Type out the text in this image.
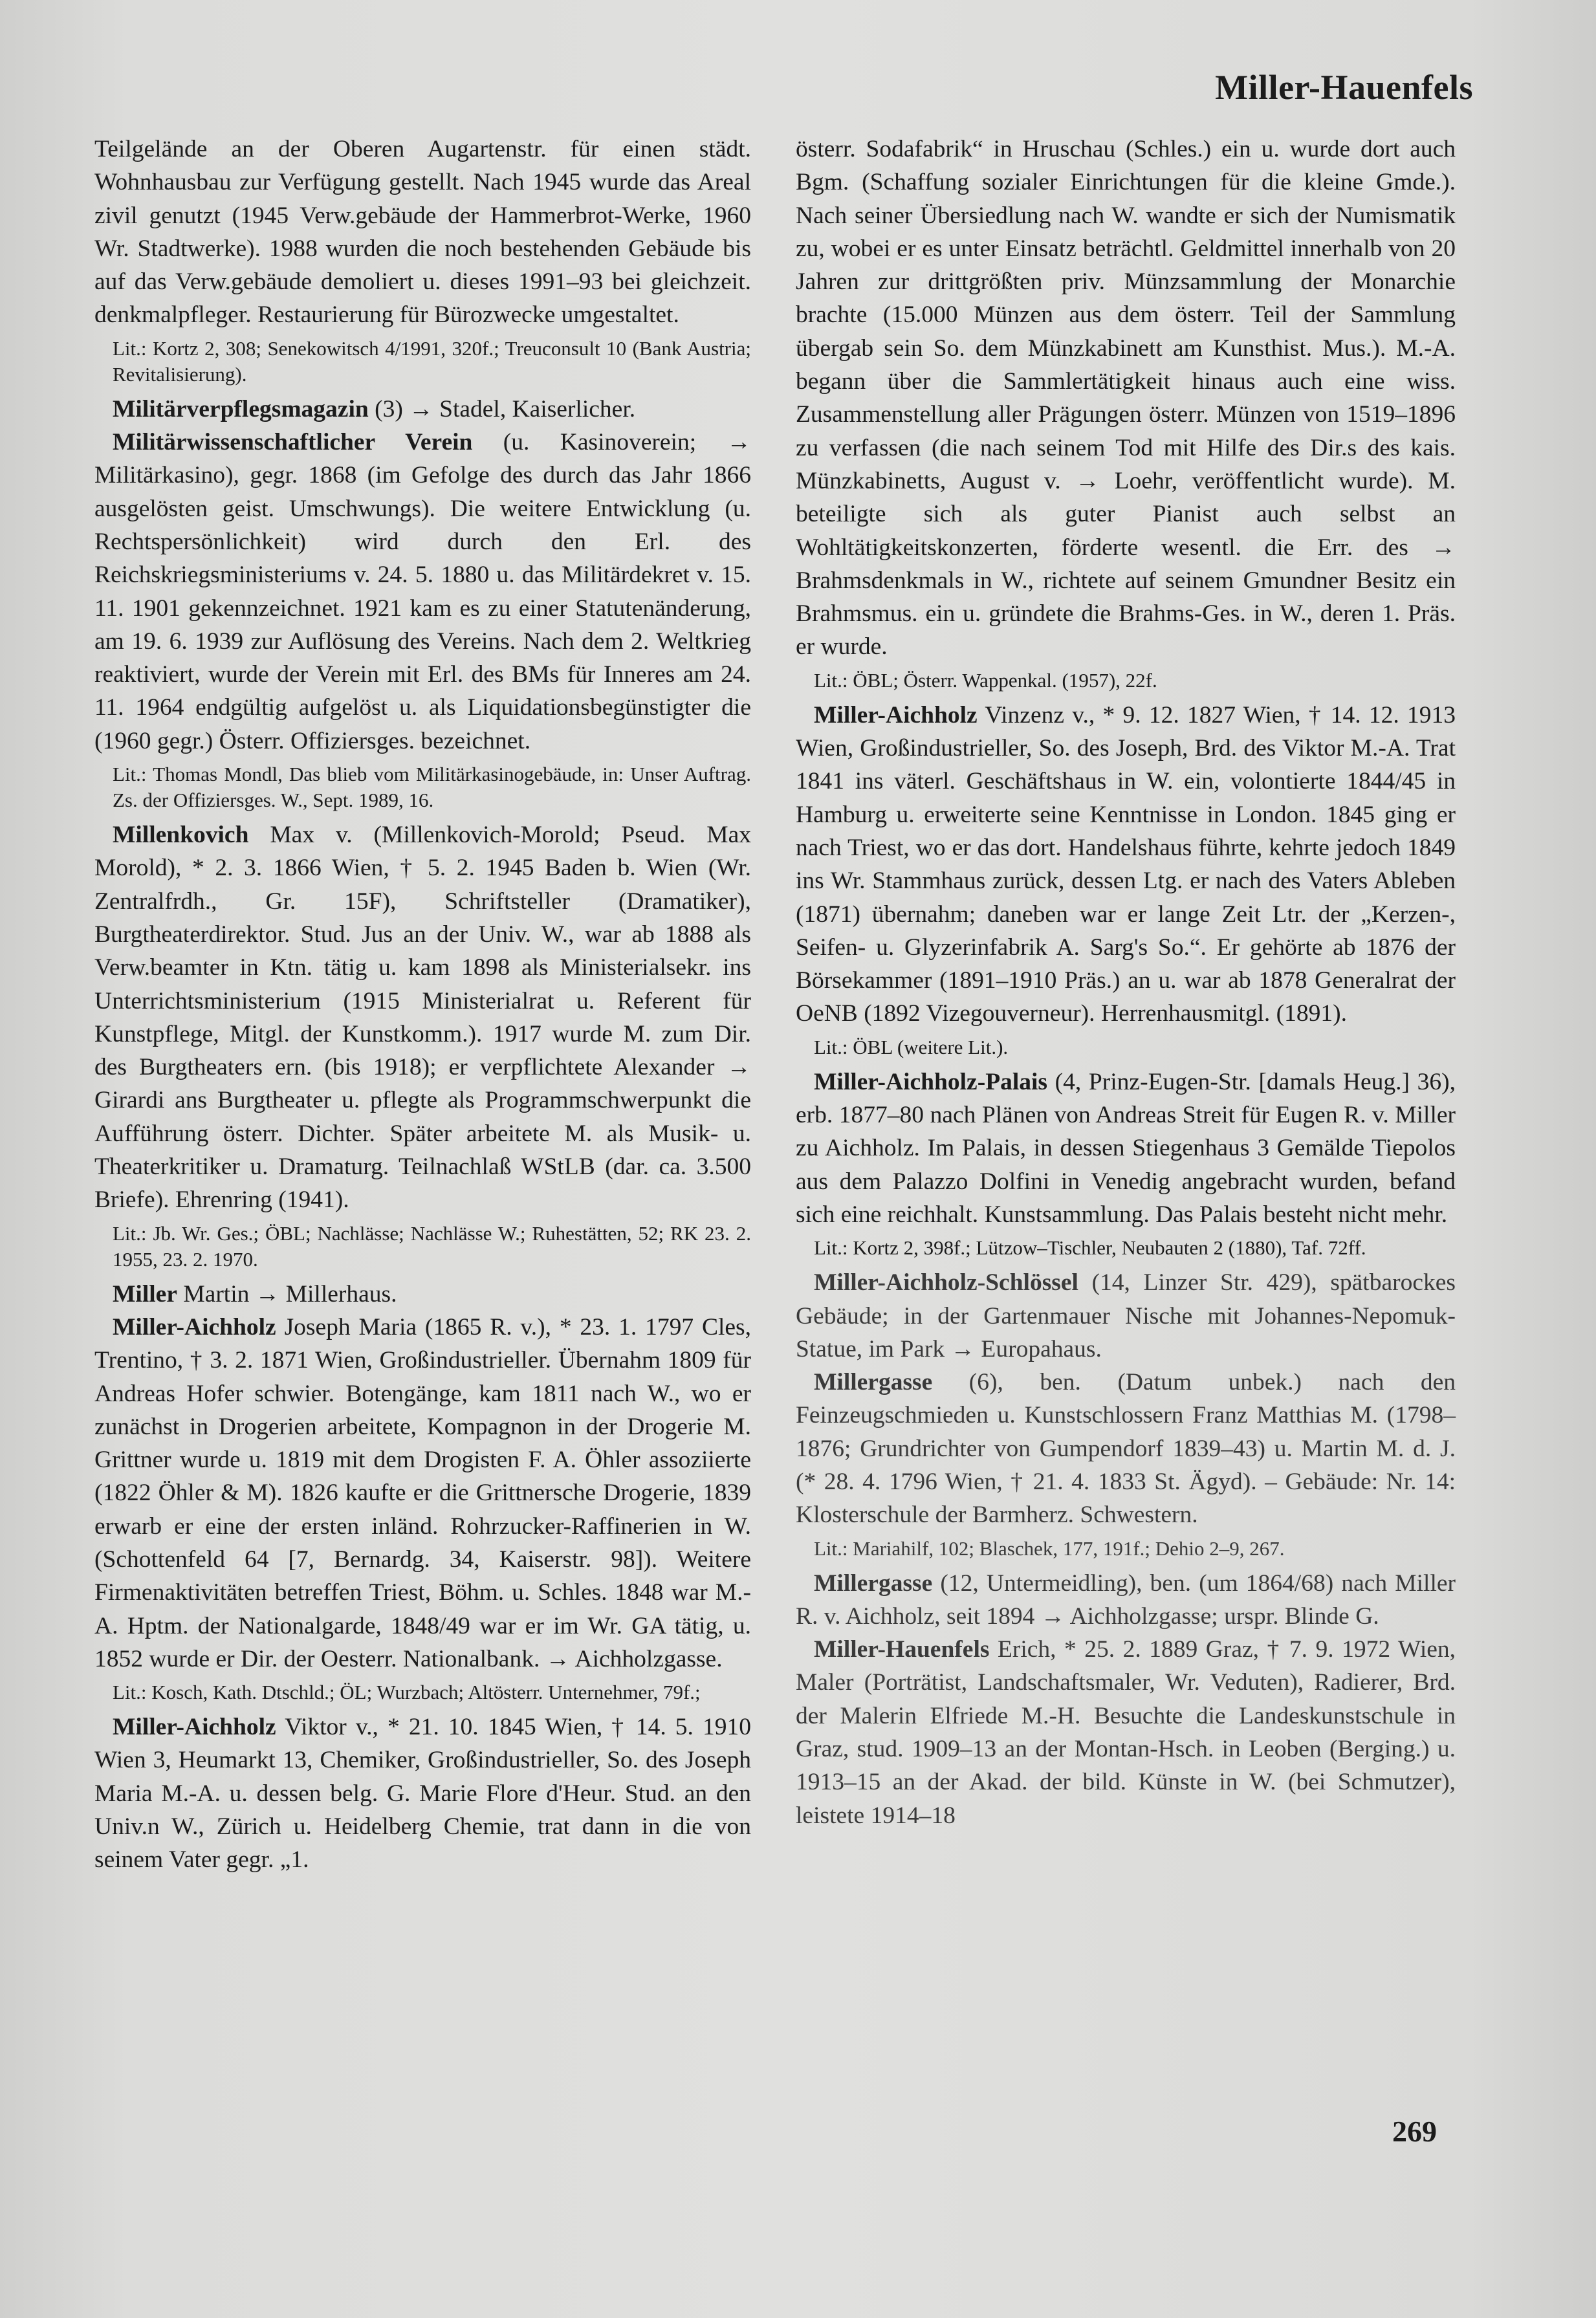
Miller-Hauenfels

Teilgelände an der Oberen Augartenstr. für einen städt. Wohnhausbau zur Verfügung gestellt. Nach 1945 wurde das Areal zivil genutzt (1945 Verw.gebäude der Hammerbrot-Werke, 1960 Wr. Stadtwerke). 1988 wurden die noch bestehenden Gebäude bis auf das Verw.gebäude demoliert u. dieses 1991–93 bei gleichzeit. denkmalpfleger. Restaurierung für Bürozwecke umgestaltet.

Lit.: Kortz 2, 308; Senekowitsch 4/1991, 320f.; Treuconsult 10 (Bank Austria; Revitalisierung).

Militärverpflegsmagazin (3) → Stadel, Kaiserlicher.

Militärwissenschaftlicher Verein (u. Kasinoverein; → Militärkasino), gegr. 1868 (im Gefolge des durch das Jahr 1866 ausgelösten geist. Umschwungs). Die weitere Entwicklung (u. Rechtspersönlichkeit) wird durch den Erl. des Reichskriegsministeriums v. 24. 5. 1880 u. das Militärdekret v. 15. 11. 1901 gekennzeichnet. 1921 kam es zu einer Statutenänderung, am 19. 6. 1939 zur Auflösung des Vereins. Nach dem 2. Weltkrieg reaktiviert, wurde der Verein mit Erl. des BMs für Inneres am 24. 11. 1964 endgültig aufgelöst u. als Liquidationsbegünstigter die (1960 gegr.) Österr. Offiziersges. bezeichnet.

Lit.: Thomas Mondl, Das blieb vom Militärkasinogebäude, in: Unser Auftrag. Zs. der Offiziersges. W., Sept. 1989, 16.

Millenkovich Max v. (Millenkovich-Morold; Pseud. Max Morold), * 2. 3. 1866 Wien, † 5. 2. 1945 Baden b. Wien (Wr. Zentralfrdh., Gr. 15F), Schriftsteller (Dramatiker), Burgtheaterdirektor. Stud. Jus an der Univ. W., war ab 1888 als Verw.beamter in Ktn. tätig u. kam 1898 als Ministerialsekr. ins Unterrichtsministerium (1915 Ministerialrat u. Referent für Kunstpflege, Mitgl. der Kunstkomm.). 1917 wurde M. zum Dir. des Burgtheaters ern. (bis 1918); er verpflichtete Alexander → Girardi ans Burgtheater u. pflegte als Programmschwerpunkt die Aufführung österr. Dichter. Später arbeitete M. als Musik- u. Theaterkritiker u. Dramaturg. Teilnachlaß WStLB (dar. ca. 3.500 Briefe). Ehrenring (1941).

Lit.: Jb. Wr. Ges.; ÖBL; Nachlässe; Nachlässe W.; Ruhestätten, 52; RK 23. 2. 1955, 23. 2. 1970.

Miller Martin → Millerhaus.

Miller-Aichholz Joseph Maria (1865 R. v.), * 23. 1. 1797 Cles, Trentino, † 3. 2. 1871 Wien, Großindustrieller. Übernahm 1809 für Andreas Hofer schwier. Botengänge, kam 1811 nach W., wo er zunächst in Drogerien arbeitete, Kompagnon in der Drogerie M. Grittner wurde u. 1819 mit dem Drogisten F. A. Öhler assoziierte (1822 Öhler & M). 1826 kaufte er die Grittnersche Drogerie, 1839 erwarb er eine der ersten inländ. Rohrzucker-Raffinerien in W. (Schottenfeld 64 [7, Bernardg. 34, Kaiserstr. 98]). Weitere Firmenaktivitäten betreffen Triest, Böhm. u. Schles. 1848 war M.-A. Hptm. der Nationalgarde, 1848/49 war er im Wr. GA tätig, u. 1852 wurde er Dir. der Oesterr. Nationalbank. → Aichholzgasse.

Lit.: Kosch, Kath. Dtschld.; ÖL; Wurzbach; Altösterr. Unternehmer, 79f.;

Miller-Aichholz Viktor v., * 21. 10. 1845 Wien, † 14. 5. 1910 Wien 3, Heumarkt 13, Chemiker, Großindustrieller, So. des Joseph Maria M.-A. u. dessen belg. G. Marie Flore d'Heur. Stud. an den Univ.n W., Zürich u. Heidelberg Chemie, trat dann in die von seinem Vater gegr. „1.

österr. Sodafabrik“ in Hruschau (Schles.) ein u. wurde dort auch Bgm. (Schaffung sozialer Einrichtungen für die kleine Gmde.). Nach seiner Übersiedlung nach W. wandte er sich der Numismatik zu, wobei er es unter Einsatz beträchtl. Geldmittel innerhalb von 20 Jahren zur drittgrößten priv. Münzsammlung der Monarchie brachte (15.000 Münzen aus dem österr. Teil der Sammlung übergab sein So. dem Münzkabinett am Kunsthist. Mus.). M.-A. begann über die Sammlertätigkeit hinaus auch eine wiss. Zusammenstellung aller Prägungen österr. Münzen von 1519–1896 zu verfassen (die nach seinem Tod mit Hilfe des Dir.s des kais. Münzkabinetts, August v. → Loehr, veröffentlicht wurde). M. beteiligte sich als guter Pianist auch selbst an Wohltätigkeitskonzerten, förderte wesentl. die Err. des → Brahmsdenkmals in W., richtete auf seinem Gmundner Besitz ein Brahmsmus. ein u. gründete die Brahms-Ges. in W., deren 1. Präs. er wurde.

Lit.: ÖBL; Österr. Wappenkal. (1957), 22f.

Miller-Aichholz Vinzenz v., * 9. 12. 1827 Wien, † 14. 12. 1913 Wien, Großindustrieller, So. des Joseph, Brd. des Viktor M.-A. Trat 1841 ins väterl. Geschäftshaus in W. ein, volontierte 1844/45 in Hamburg u. erweiterte seine Kenntnisse in London. 1845 ging er nach Triest, wo er das dort. Handelshaus führte, kehrte jedoch 1849 ins Wr. Stammhaus zurück, dessen Ltg. er nach des Vaters Ableben (1871) übernahm; daneben war er lange Zeit Ltr. der „Kerzen-, Seifen- u. Glyzerinfabrik A. Sarg's So.“. Er gehörte ab 1876 der Börsekammer (1891–1910 Präs.) an u. war ab 1878 Generalrat der OeNB (1892 Vizegouverneur). Herrenhausmitgl. (1891).

Lit.: ÖBL (weitere Lit.).

Miller-Aichholz-Palais (4, Prinz-Eugen-Str. [damals Heug.] 36), erb. 1877–80 nach Plänen von Andreas Streit für Eugen R. v. Miller zu Aichholz. Im Palais, in dessen Stiegenhaus 3 Gemälde Tiepolos aus dem Palazzo Dolfini in Venedig angebracht wurden, befand sich eine reichhalt. Kunstsammlung. Das Palais besteht nicht mehr.

Lit.: Kortz 2, 398f.; Lützow–Tischler, Neubauten 2 (1880), Taf. 72ff.

Miller-Aichholz-Schlössel (14, Linzer Str. 429), spätbarockes Gebäude; in der Gartenmauer Nische mit Johannes-Nepomuk-Statue, im Park → Europahaus.

Millergasse (6), ben. (Datum unbek.) nach den Feinzeugschmieden u. Kunstschlossern Franz Matthias M. (1798–1876; Grundrichter von Gumpendorf 1839–43) u. Martin M. d. J. (* 28. 4. 1796 Wien, † 21. 4. 1833 St. Ägyd). – Gebäude: Nr. 14: Klosterschule der Barmherz. Schwestern.

Lit.: Mariahilf, 102; Blaschek, 177, 191f.; Dehio 2–9, 267.

Millergasse (12, Untermeidling), ben. (um 1864/68) nach Miller R. v. Aichholz, seit 1894 → Aichholzgasse; urspr. Blinde G.

Miller-Hauenfels Erich, * 25. 2. 1889 Graz, † 7. 9. 1972 Wien, Maler (Porträtist, Landschaftsmaler, Wr. Veduten), Radierer, Brd. der Malerin Elfriede M.-H. Besuchte die Landeskunstschule in Graz, stud. 1909–13 an der Montan-Hsch. in Leoben (Berging.) u. 1913–15 an der Akad. der bild. Künste in W. (bei Schmutzer), leistete 1914–18

269
